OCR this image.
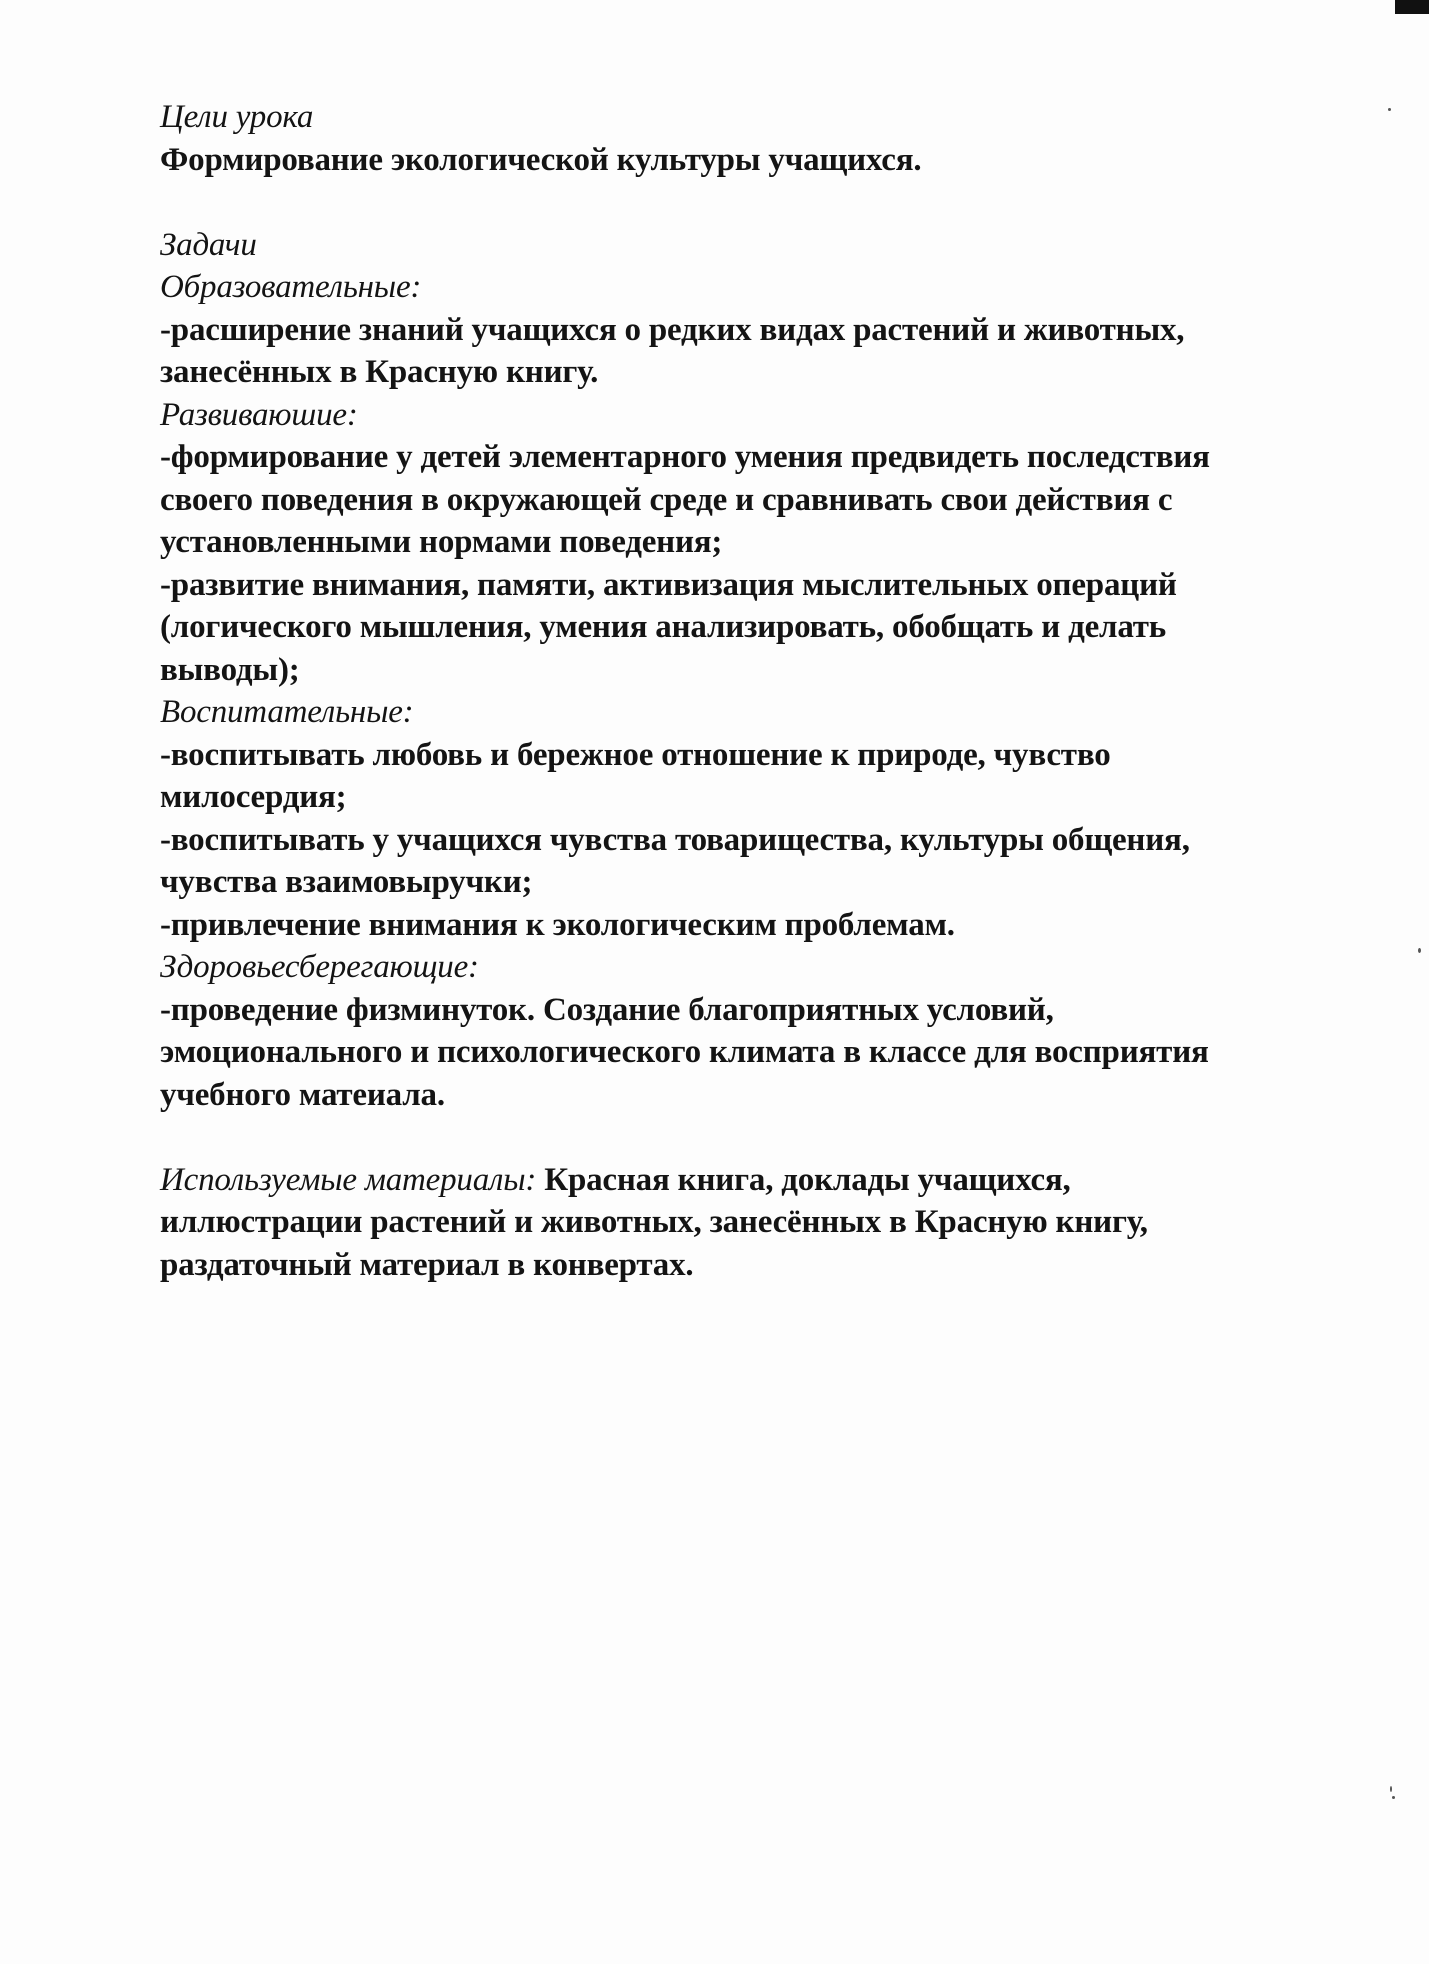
Цели урока
Формирование экологической культуры учащихся.
Задачи
Образовательные:
-расширение знаний учащихся о редких видах растений и животных,
занесённых в Красную книгу.
Развиваюшие:
-формирование у детей элементарного умения предвидеть последствия
своего поведения в окружающей среде и сравнивать свои действия с
установленными нормами поведения;
-развитие внимания, памяти, активизация мыслительных операций
(логического мышления, умения анализировать, обобщать и делать
выводы);
Воспитательные:
-воспитывать любовь и бережное отношение к природе, чувство
милосердия;
-воспитывать у учащихся чувства товарищества, культуры общения,
чувства взаимовыручки;
-привлечение внимания к экологическим проблемам.
Здоровьесберегающие:
-проведение физминуток. Создание благоприятных условий,
эмоционального и психологического климата в классе для восприятия
учебного матеиала.
Используемые материалы: Красная книга, доклады учащихся,
иллюстрации растений и животных, занесённых в Красную книгу,
раздаточный материал в конвертах.
